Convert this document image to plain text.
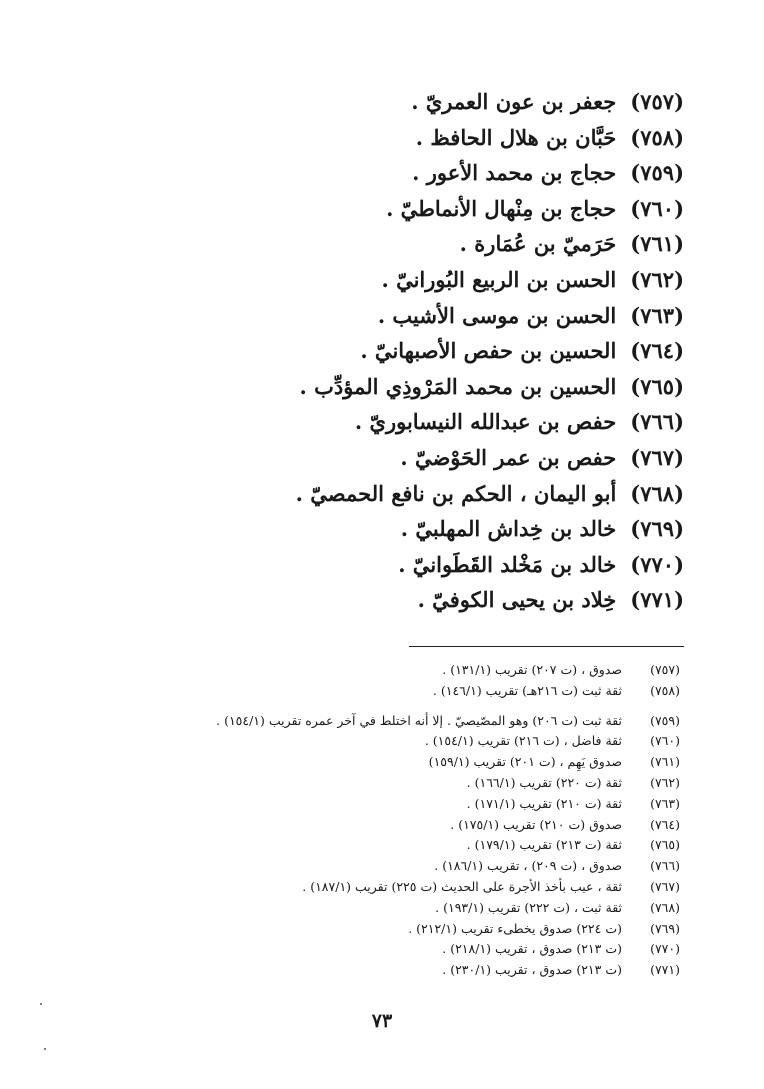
(٧٥٧)جعفر بن عون العمريّ .
(٧٥٨)حَبَّان بن هلال الحافظ .
(٧٥٩)حجاج بن محمد الأعور .
(٧٦٠)حجاج بن مِنْهال الأنماطيّ .
(٧٦١)حَرَميّ بن عُمَارة .
(٧٦٢)الحسن بن الربيع البُورانيّ .
(٧٦٣)الحسن بن موسى الأشيب .
(٧٦٤)الحسين بن حفص الأصبهانيّ .
(٧٦٥)الحسين بن محمد المَرْوذِي المؤدِّب .
(٧٦٦)حفص بن عبدالله النيسابوريّ .
(٧٦٧)حفص بن عمر الحَوْضيّ .
(٧٦٨)أبو اليمان ، الحكم بن نافع الحمصيّ .
(٧٦٩)خالد بن خِداش المهلبيّ .
(٧٧٠)خالد بن مَخْلد القَطَوانيّ .
(٧٧١)خِلاد بن يحيى الكوفيّ .
(٧٥٧)صدوق ، (ت ٢٠٧) تقريب (١٣١/١) .
(٧٥٨)ثقة ثبت (ت ٢١٦هـ) تقريب (١٤٦/١) .
(٧٥٩)ثقة ثبت (ت ٢٠٦) وهو المصّيصيّ . إلا أنه اختلط في آخر عمره تقريب (١٥٤/١) .
(٧٦٠)ثقة فاضل ، (ت ٢١٦) تقريب (١٥٤/١) .
(٧٦١)صدوق يَهِم ، (ت ٢٠١) تقريب (١٥٩/١)
(٧٦٢)ثقة (ت ٢٢٠) تقريب (١٦٦/١) .
(٧٦٣)ثقة (ت ٢١٠) تقريب (١٧١/١) .
(٧٦٤)صدوق (ت ٢١٠) تقريب (١٧٥/١) .
(٧٦٥)ثقة (ت ٢١٣) تقريب (١٧٩/١) .
(٧٦٦)صدوق ، (ت ٢٠٩) ، تقريب (١٨٦/١) .
(٧٦٧)ثقة ، عيب بأخذ الأجرة على الحديث (ت ٢٢٥) تقريب (١٨٧/١) .
(٧٦٨)ثقة ثبت ، (ت ٢٢٢) تقريب (١٩٣/١) .
(٧٦٩)(ت ٢٢٤) صدوق يخطىء تقريب (٢١٢/١) .
(٧٧٠)(ت ٢١٣) صدوق ، تقريب (٢١٨/١) .
(٧٧١)(ت ٢١٣) صدوق ، تقريب (٢٣٠/١) .
٧٣
